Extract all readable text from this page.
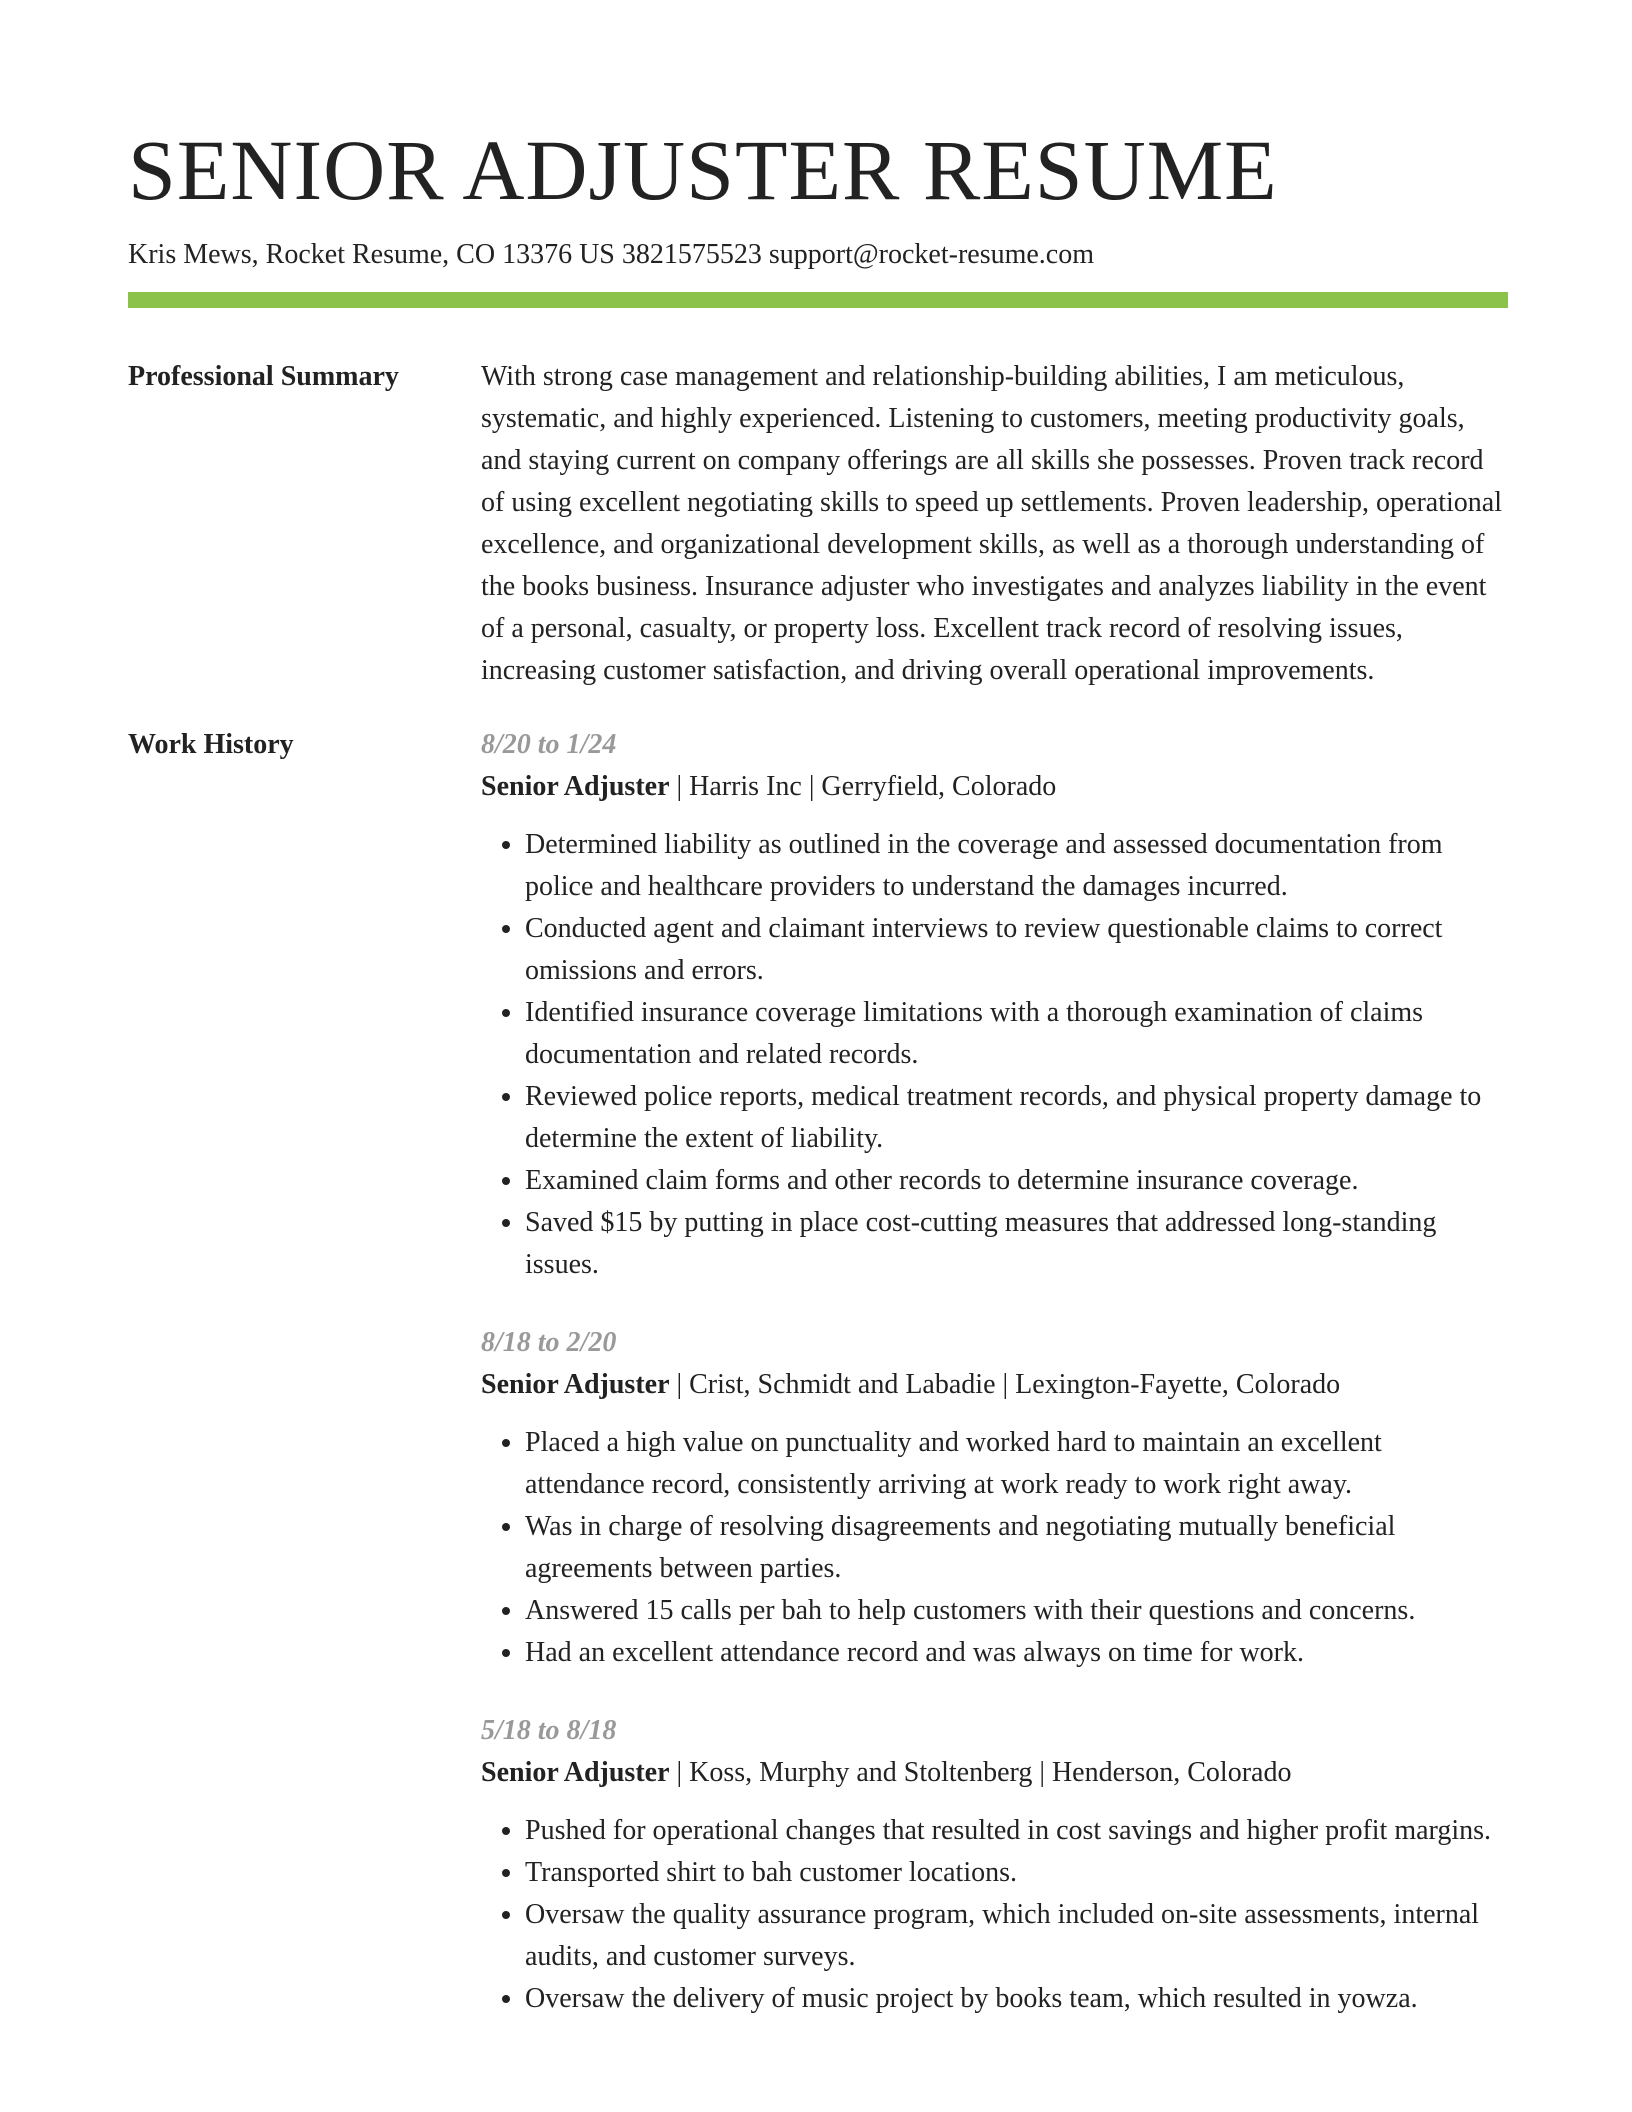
SENIOR ADJUSTER RESUME
Kris Mews, Rocket Resume, CO 13376 US 3821575523 support@rocket-resume.com
Professional Summary	With strong case management and relationship-building abilities, I am meticulous, systematic, and highly experienced. Listening to customers, meeting productivity goals, and staying current on company offerings are all skills she possesses. Proven track record of using excellent negotiating skills to speed up settlements. Proven leadership, operational excellence, and organizational development skills, as well as a thorough understanding of the books business. Insurance adjuster who investigates and analyzes liability in the event of a personal, casualty, or property loss. Excellent track record of resolving issues, increasing customer satisfaction, and driving overall operational improvements.

Work History	8/20 to 1/24
Senior Adjuster | Harris Inc | Gerryfield, Colorado
• Determined liability as outlined in the coverage and assessed documentation from police and healthcare providers to understand the damages incurred.
• Conducted agent and claimant interviews to review questionable claims to correct omissions and errors.
• Identified insurance coverage limitations with a thorough examination of claims documentation and related records.
• Reviewed police reports, medical treatment records, and physical property damage to determine the extent of liability.
• Examined claim forms and other records to determine insurance coverage.
• Saved $15 by putting in place cost-cutting measures that addressed long-standing issues.
8/18 to 2/20
Senior Adjuster | Crist, Schmidt and Labadie | Lexington-Fayette, Colorado
• Placed a high value on punctuality and worked hard to maintain an excellent attendance record, consistently arriving at work ready to work right away.
• Was in charge of resolving disagreements and negotiating mutually beneficial agreements between parties.
• Answered 15 calls per bah to help customers with their questions and concerns.
• Had an excellent attendance record and was always on time for work.
5/18 to 8/18
Senior Adjuster | Koss, Murphy and Stoltenberg | Henderson, Colorado
• Pushed for operational changes that resulted in cost savings and higher profit margins.
• Transported shirt to bah customer locations.
• Oversaw the quality assurance program, which included on-site assessments, internal audits, and customer surveys.
• Oversaw the delivery of music project by books team, which resulted in yowza.
